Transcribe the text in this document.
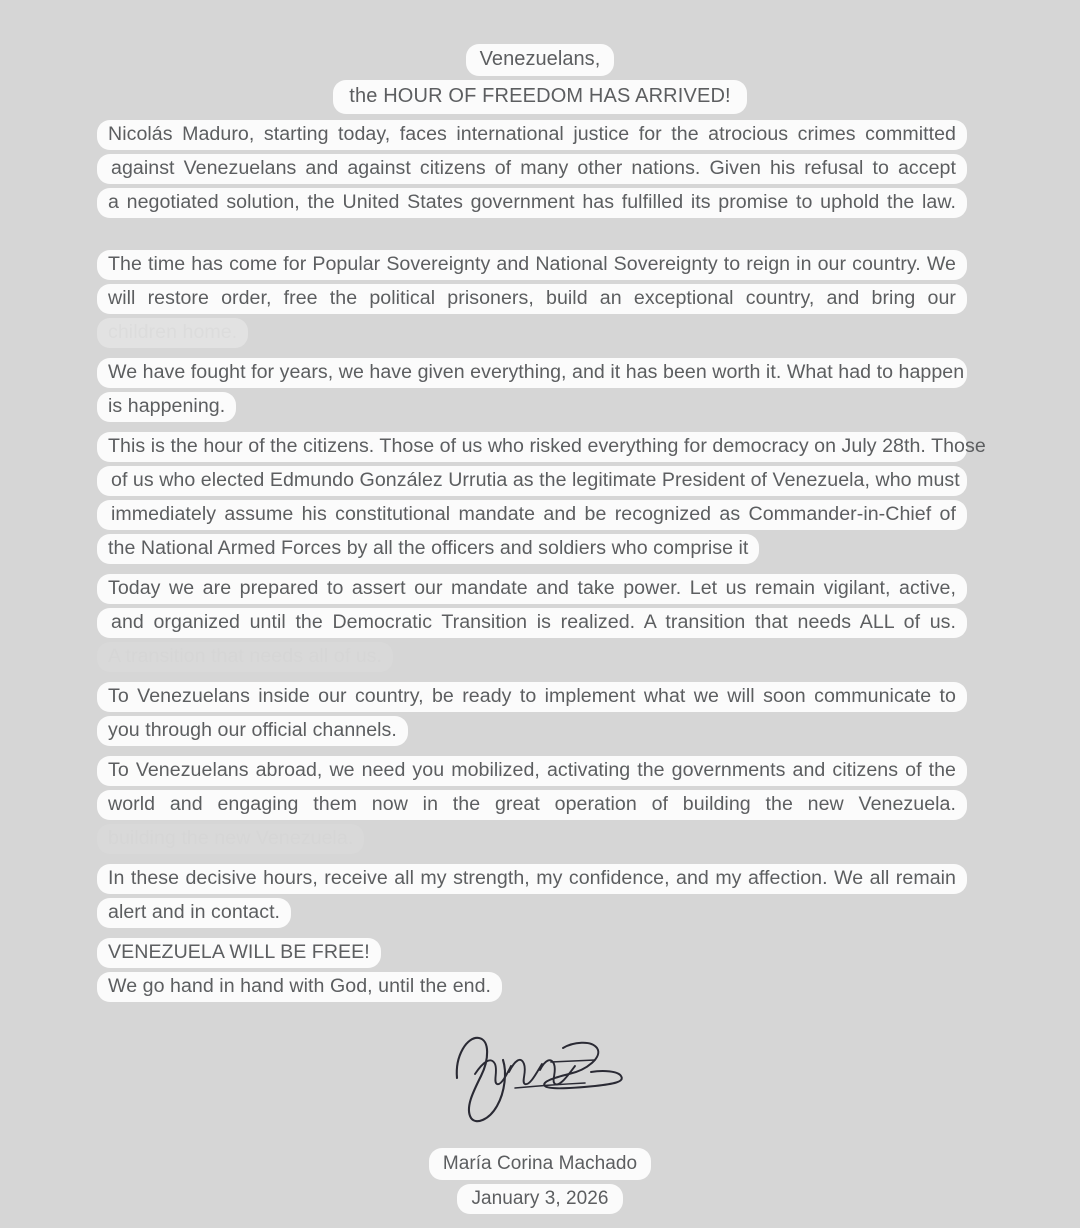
Venezuelans,
the HOUR OF FREEDOM HAS ARRIVED!
Nicolás Maduro, starting today, faces international justice for the atrocious crimes committed
against Venezuelans and against citizens of many other nations. Given his refusal to accept
a negotiated solution, the United States government has fulfilled its promise to uphold the law.
The time has come for Popular Sovereignty and National Sovereignty to reign in our country. We
will restore order, free the political prisoners, build an exceptional country, and bring our
children home.
We have fought for years, we have given everything, and it has been worth it. What had to happen
is happening.
This is the hour of the citizens. Those of us who risked everything for democracy on July 28th. Those
of us who elected Edmundo González Urrutia as the legitimate President of Venezuela, who must
immediately assume his constitutional mandate and be recognized as Commander-in-Chief of
the National Armed Forces by all the officers and soldiers who comprise it
Today we are prepared to assert our mandate and take power. Let us remain vigilant, active,
and organized until the Democratic Transition is realized. A transition that needs ALL of us.
A transition that needs all of us.
To Venezuelans inside our country, be ready to implement what we will soon communicate to
you through our official channels.
To Venezuelans abroad, we need you mobilized, activating the governments and citizens of the
world and engaging them now in the great operation of building the new Venezuela.
building the new Venezuela.
In these decisive hours, receive all my strength, my confidence, and my affection. We all remain
alert and in contact.
VENEZUELA WILL BE FREE!
We go hand in hand with God, until the end.
María Corina Machado
January 3, 2026
